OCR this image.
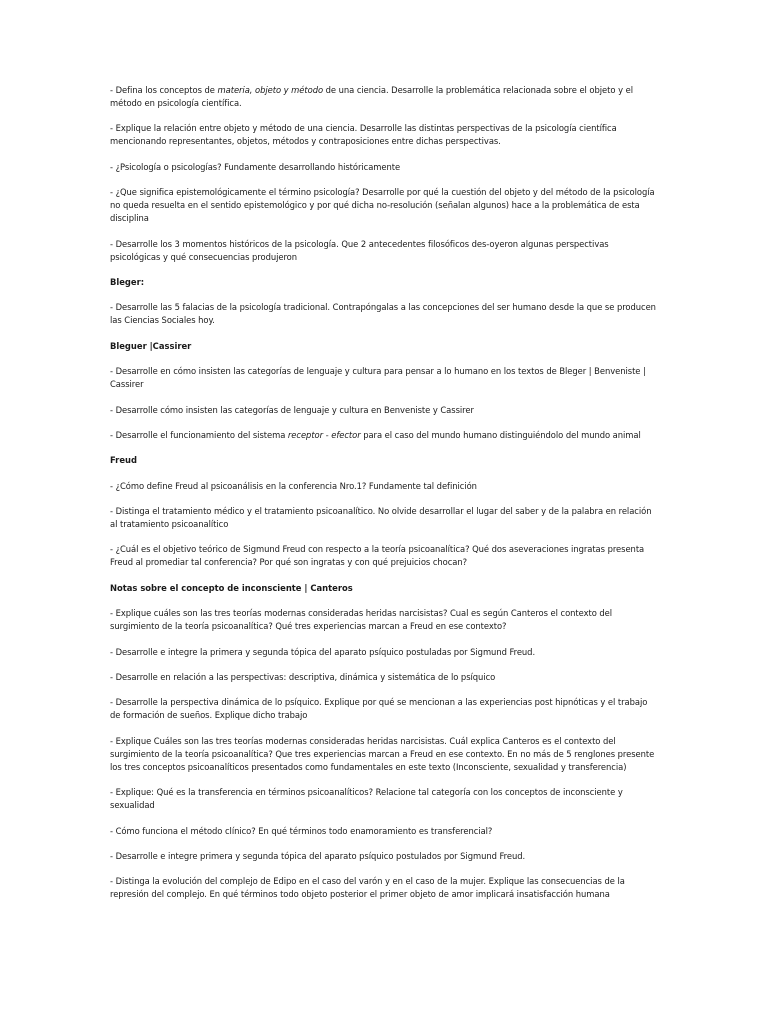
- Defina los conceptos de materia, objeto y método de una ciencia. Desarrolle la problemática relacionada sobre el objeto y el método en psicología científica.
- Explique la relación entre objeto y método de una ciencia. Desarrolle las distintas perspectivas de la psicología científica mencionando representantes, objetos, métodos y contraposiciones entre dichas perspectivas.
- ¿Psicología o psicologías? Fundamente desarrollando históricamente
- ¿Que significa epistemológicamente el término psicología? Desarrolle por qué la cuestión del objeto y del método de la psicología no queda resuelta en el sentido epistemológico y por qué dicha no-resolución (señalan algunos) hace a la problemática de esta disciplina
- Desarrolle los 3 momentos históricos de la psicología. Que 2 antecedentes filosóficos des-oyeron algunas perspectivas psicológicas y qué consecuencias produjeron
Bleger:
- Desarrolle las 5 falacias de la psicología tradicional. Contrapóngalas a las concepciones del ser humano desde la que se producen las Ciencias Sociales hoy.
Bleguer |Cassirer
- Desarrolle en cómo insisten las categorías de lenguaje y cultura para pensar a lo humano en los textos de Bleger | Benveniste | Cassirer
- Desarrolle cómo insisten las categorías de lenguaje y cultura en Benveniste y Cassirer
- Desarrolle el funcionamiento del sistema receptor - efector para el caso del mundo humano distinguiéndolo del mundo animal
Freud
- ¿Cómo define Freud al psicoanálisis en la conferencia Nro.1? Fundamente tal definición
- Distinga el tratamiento médico y el tratamiento psicoanalítico. No olvide desarrollar el lugar del saber y de la palabra en relación al tratamiento psicoanalítico
- ¿Cuál es el objetivo teórico de Sigmund Freud con respecto a la teoría psicoanalítica? Qué dos aseveraciones ingratas presenta Freud al promediar tal conferencia? Por qué son ingratas y con qué prejuicios chocan?
Notas sobre el concepto de inconsciente | Canteros
- Explique cuáles son las tres teorías modernas consideradas heridas narcisistas? Cual es según Canteros el contexto del surgimiento de la teoría psicoanalítica? Qué tres experiencias marcan a Freud en ese contexto?
- Desarrolle e integre la primera y segunda tópica del aparato psíquico postuladas por Sigmund Freud.
- Desarrolle en relación a las perspectivas: descriptiva, dinámica y sistemática de lo psíquico
- Desarrolle la perspectiva dinámica de lo psíquico. Explique por qué se mencionan a las experiencias post hipnóticas y el trabajo de formación de sueños. Explique dicho trabajo
- Explique Cuáles son las tres teorías modernas consideradas heridas narcisistas. Cuál explica Canteros es el contexto del surgimiento de la teoría psicoanalítica? Que tres experiencias marcan a Freud en ese contexto. En no más de 5 renglones presente los tres conceptos psicoanalíticos presentados como fundamentales en este texto (Inconsciente, sexualidad y transferencia)
- Explique: Qué es la transferencia en términos psicoanalíticos? Relacione tal categoría con los conceptos de inconsciente y sexualidad
- Cómo funciona el método clínico? En qué términos todo enamoramiento es transferencial?
- Desarrolle e integre primera y segunda tópica del aparato psíquico postulados por Sigmund Freud.
- Distinga la evolución del complejo de Edipo en el caso del varón y en el caso de la mujer. Explique las consecuencias de la represión del complejo. En qué términos todo objeto posterior el primer objeto de amor implicará insatisfacción humana
